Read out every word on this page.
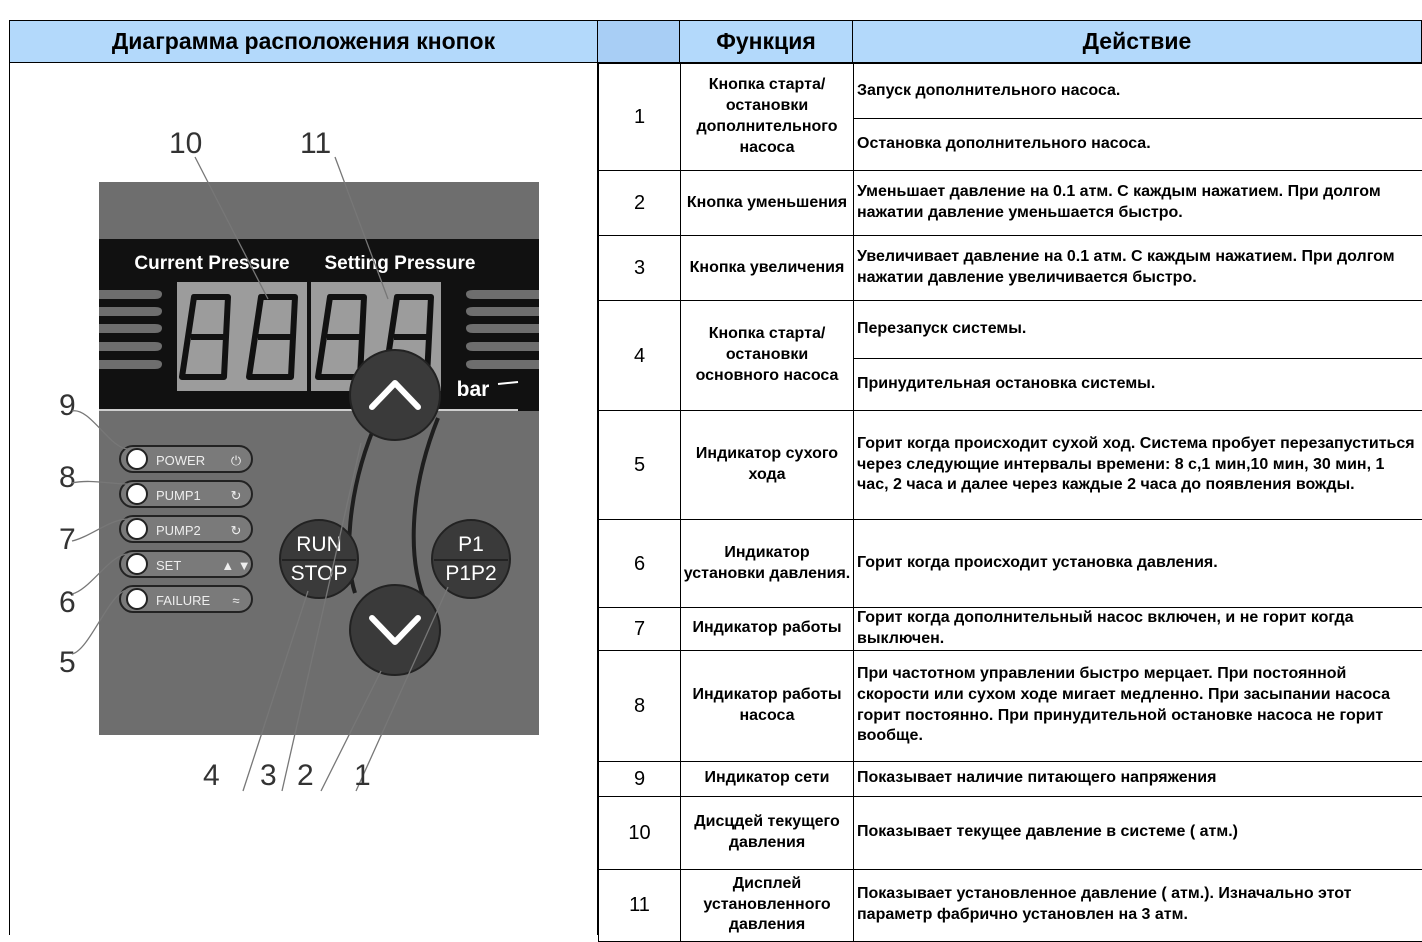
Диаграмма расположения кнопок	Функция	Действие
Current Pressure Setting Pressure
bar
POWER ⏻
PUMP1 ↻
PUMP2 ↻
SET	▲ ▼
FAILURE ≈
RUN
STOP
P1
P1P2
1
2
3
4
5
6
7
8
9
10	11
1	Кнопка старта/остановки дополнительного насоса	Запуск дополнительного насоса.
		Остановка дополнительного насоса.
2	Кнопка уменьшения	Уменьшает давление на 0.1 атм. С каждым нажатием. При долгом нажатии давление уменьшается быстро.
3	Кнопка увеличения	Увеличивает давление на 0.1 атм. С каждым нажатием. При долгом нажатии давление увеличивается быстро.
4	Кнопка старта/остановки основного насоса	Перезапуск системы.
		Принудительная остановка системы.
5	Индикатор сухого хода	Горит когда происходит сухой ход. Система пробует перезапуститься через следующие интервалы времени: 8 с,1 мин,10 мин, 30 мин, 1 час, 2 часа и далее через каждые 2 часа до появления вожды.
6	Индикатор установки давления.	Горит когда происходит установка давления.
7	Индикатор работы	Горит когда дополнительный насос включен, и не горит когда выключен.
8	Индикатор работы насоса	При частотном управлении быстро мерцает. При постоянной скорости или сухом ходе мигает медленно. При засыпании насоса горит постоянно. При принудительной остановке насоса не горит вообще.
9	Индикатор сети	Показывает наличие питающего напряжения
10	Дисцдей текущего давления	Показывает текущее давление в системе ( атм.)
11	Дисплей установленного давления	Показывает установленное давление ( атм.). Изначально этот параметр фабрично установлен на 3 атм.
